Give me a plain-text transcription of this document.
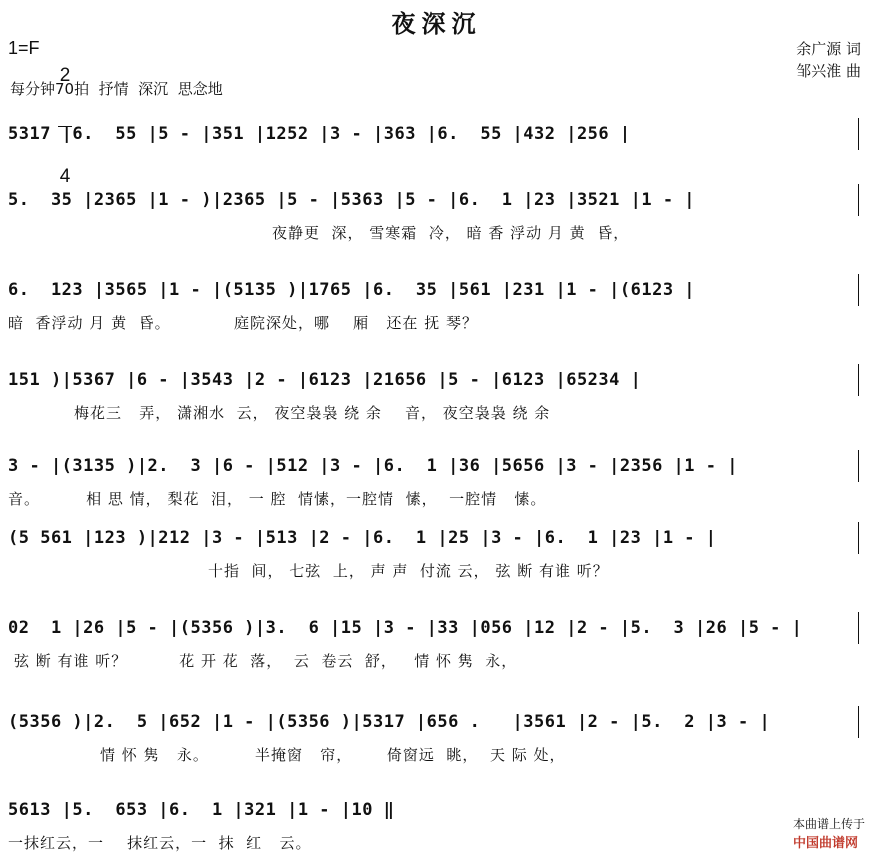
夜深沉
1=F

2

4

每分钟70拍  抒情  深沉  思念地
余广源 词
邹兴淮 曲

5317 |6.  55 |5 - |351 |1252 |3 - |363 |6.  55 |432 |256 |

5.  35 |2365 |1 - )|2365 |5 - |5363 |5 - |6.  1 |23 |3521 |1 - |

夜静更  深， 雪寒霜  冷， 暗 香 浮动 月 黄  昏，

6.  123 |3565 |1 - |(5135 )|1765 |6.  35 |561 |231 |1 - |(6123 |

暗  香浮动 月 黄  昏。           庭院深处，哪    厢   还在 抚 琴？

151 )|5367 |6 - |3543 |2 - |6123 |21656 |5 - |6123 |65234 |

梅花三   弄， 潇湘水  云， 夜空袅袅 绕 余    音， 夜空袅袅 绕 余

3 - |(3135 )|2.  3 |6 - |512 |3 - |6.  1 |36 |5656 |3 - |2356 |1 - |

音。        相 思 情， 梨花  泪， 一 腔  情愫，一腔情  愫，  一腔情   愫。

(5 561 |123 )|212 |3 - |513 |2 - |6.  1 |25 |3 - |6.  1 |23 |1 - |

十指  间， 七弦  上， 声 声  付流 云， 弦 断 有谁 听？

02  1 |26 |5 - |(5356 )|3.  6 |15 |3 - |33 |056 |12 |2 - |5.  3 |26 |5 - |

弦 断 有谁 听？         花 开 花  落，  云  卷云  舒，   情 怀 隽  永，

(5356 )|2.  5 |652 |1 - |(5356 )|5317 |656 .   |3561 |2 - |5.  2 |3 - |

情 怀 隽   永。        半掩窗   帘，      倚窗远  眺，  天 际 处，

5613 |5.  653 |6.  1 |321 |1 - |10 ‖

一抹红云，一    抹红云，一  抹  红   云。

本曲谱上传于
中国曲谱网
